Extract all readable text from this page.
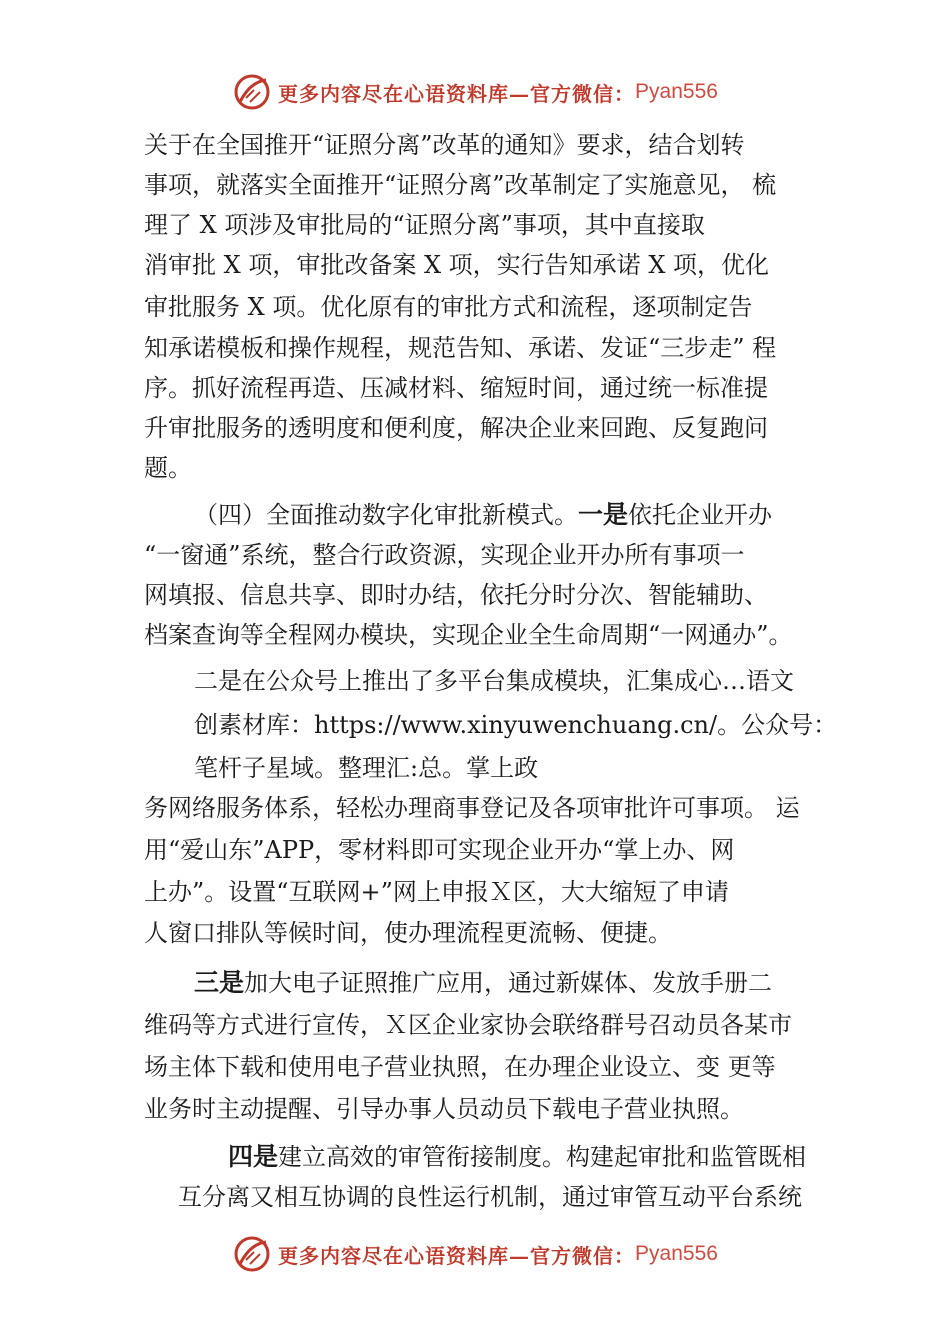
更多内容尽在心语资料库—官方微信： Pyan556
关于在全国推开“证照分离”改革的通知》要求，结合划转
事项，就落实全面推开“证照分离”改革制定了实施意见， 梳
理了 X 项涉及审批局的“证照分离”事项，其中直接取
消审批 X 项，审批改备案 X 项，实行告知承诺 X 项，优化
审批服务 X 项。优化原有的审批方式和流程，逐项制定告
知承诺模板和操作规程，规范告知、承诺、发证“三步走” 程
序。抓好流程再造、压减材料、缩短时间，通过统一标准提
升审批服务的透明度和便利度，解决企业来回跑、反复跑问
题。
（四）全面推动数字化审批新模式。一是依托企业开办
“一窗通”系统，整合行政资源，实现企业开办所有事项一
网填报、信息共享、即时办结，依托分时分次、智能辅助、
档案查询等全程网办模块，实现企业全生命周期“一网通办”。
二是在公众号上推出了多平台集成模块，汇集成心…语文
创素材库：https://www.xinyuwenchuang.cn/。公众号：
笔杆子星域。整理汇:总。掌上政
务网络服务体系，轻松办理商事登记及各项审批许可事项。 运
用“爱山东”APP，零材料即可实现企业开办“掌上办、网
上办”。设置“互联网+”网上申报Ｘ区，大大缩短了申请
人窗口排队等候时间，使办理流程更流畅、便捷。
三是加大电子证照推广应用，通过新媒体、发放手册二
维码等方式进行宣传，Ｘ区企业家协会联络群号召动员各某市
场主体下载和使用电子营业执照，在办理企业设立、变 更等
业务时主动提醒、引导办事人员动员下载电子营业执照。
四是建立高效的审管衔接制度。构建起审批和监管既相
互分离又相互协调的良性运行机制，通过审管互动平台系统
更多内容尽在心语资料库—官方微信： Pyan556
